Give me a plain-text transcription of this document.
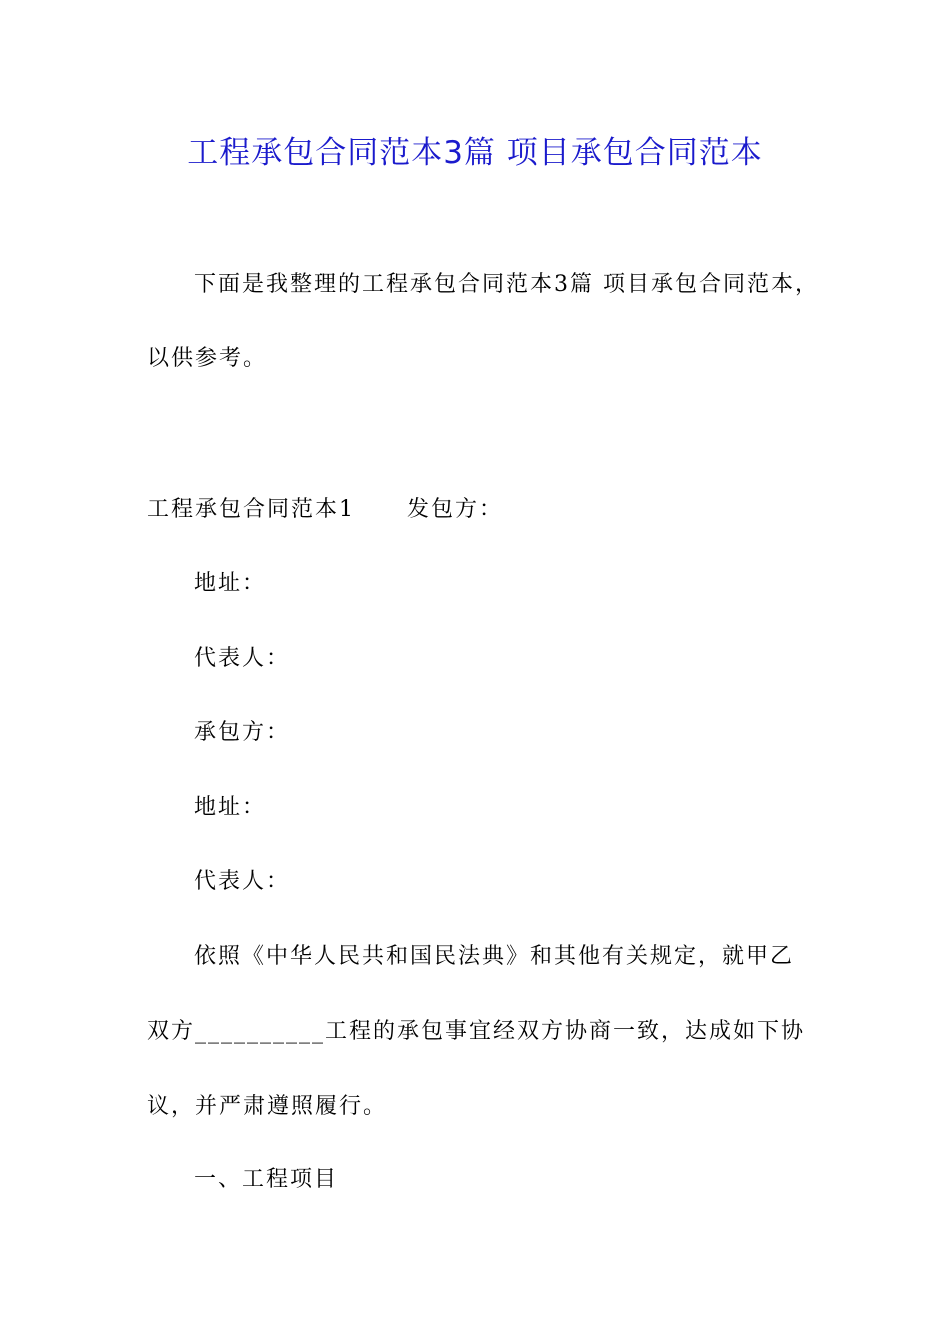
工程承包合同范本3篇 项目承包合同范本
下面是我整理的工程承包合同范本3篇 项目承包合同范本，
以供参考。
工程承包合同范本1 发包方：
地址：
代表人：
承包方：
地址：
代表人：
依照《中华人民共和国民法典》和其他有关规定，就甲乙
双方__________工程的承包事宜经双方协商一致，达成如下协
议，并严肃遵照履行。
一、工程项目
